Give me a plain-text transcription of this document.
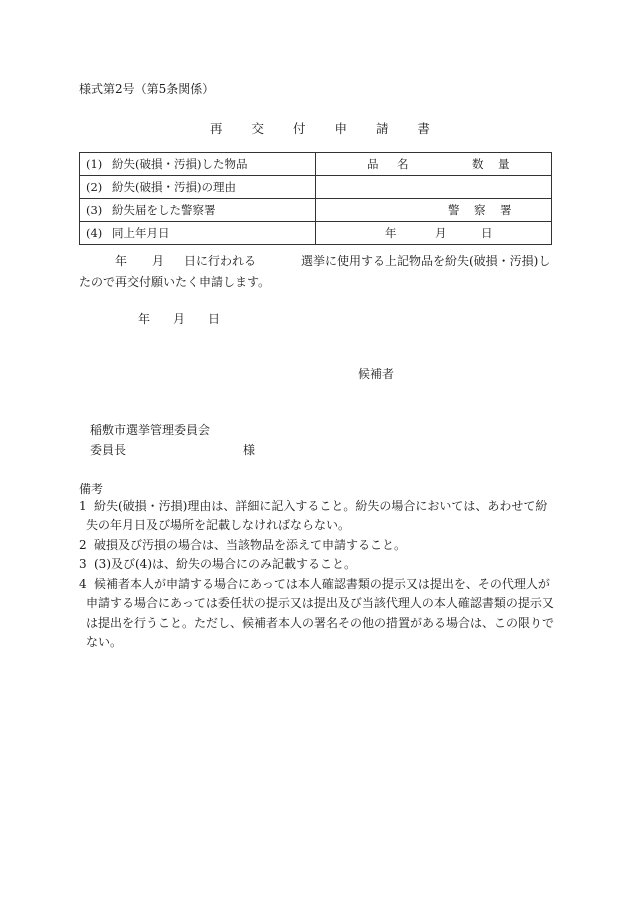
様式第2号（第5条関係）
再 交 付 申 請 書
(1) 紛失(破損・汚損)した物品	品 名 数 量

(2) 紛失(破損・汚損)の理由	
(3) 紛失届をした警察署	警 察 署

(4) 同上年月日	年 月 日

年 月 日に行われる	選挙に使用する上記物品を紛失(破損・汚損)し
たので再交付願いたく申請します。
年 月 日
候補者
稲敷市選挙管理委員会
委員長	様
備考
1 紛失(破損・汚損)理由は、詳細に記入すること。紛失の場合においては、あわせて紛
失の年月日及び場所を記載しなければならない。
2 破損及び汚損の場合は、当該物品を添えて申請すること。
3 (3)及び(4)は、紛失の場合にのみ記載すること。
4 候補者本人が申請する場合にあっては本人確認書類の提示又は提出を、その代理人が
申請する場合にあっては委任状の提示又は提出及び当該代理人の本人確認書類の提示又
は提出を行うこと。ただし、候補者本人の署名その他の措置がある場合は、この限りで
ない。
